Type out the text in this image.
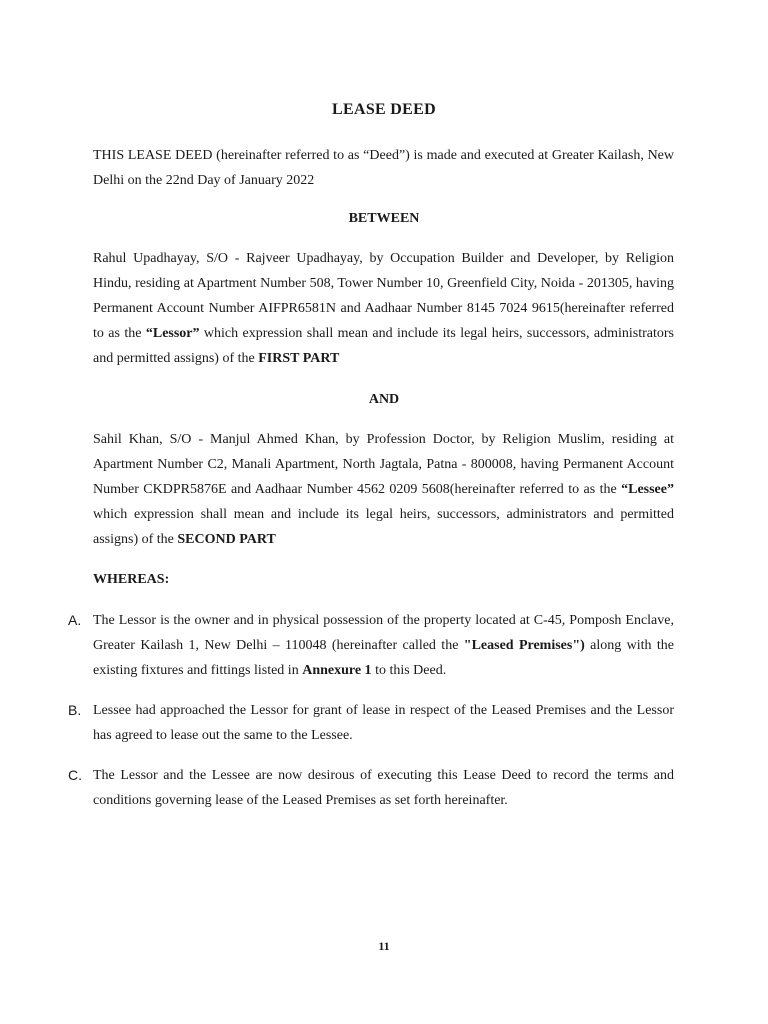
LEASE DEED
THIS LEASE DEED (hereinafter referred to as “Deed”) is made and executed at Greater Kailash, New Delhi on the 22nd Day of January 2022
BETWEEN
Rahul Upadhayay, S/O - Rajveer Upadhayay, by Occupation Builder and Developer, by Religion Hindu, residing at Apartment Number 508, Tower Number 10, Greenfield City, Noida - 201305, having Permanent Account Number AIFPR6581N and Aadhaar Number 8145 7024 9615(hereinafter referred to as the “Lessor” which expression shall mean and include its legal heirs, successors, administrators and permitted assigns) of the FIRST PART
AND
Sahil Khan, S/O - Manjul Ahmed Khan, by Profession Doctor, by Religion Muslim, residing at Apartment Number C2, Manali Apartment, North Jagtala, Patna - 800008, having Permanent Account Number CKDPR5876E and Aadhaar Number 4562 0209 5608(hereinafter referred to as the “Lessee” which expression shall mean and include its legal heirs, successors, administrators and permitted assigns) of the SECOND PART
WHEREAS:
A. The Lessor is the owner and in physical possession of the property located at C-45, Pomposh Enclave, Greater Kailash 1, New Delhi – 110048 (hereinafter called the "Leased Premises") along with the existing fixtures and fittings listed in Annexure 1 to this Deed.
B. Lessee had approached the Lessor for grant of lease in respect of the Leased Premises and the Lessor has agreed to lease out the same to the Lessee.
C. The Lessor and the Lessee are now desirous of executing this Lease Deed to record the terms and conditions governing lease of the Leased Premises as set forth hereinafter.
11
